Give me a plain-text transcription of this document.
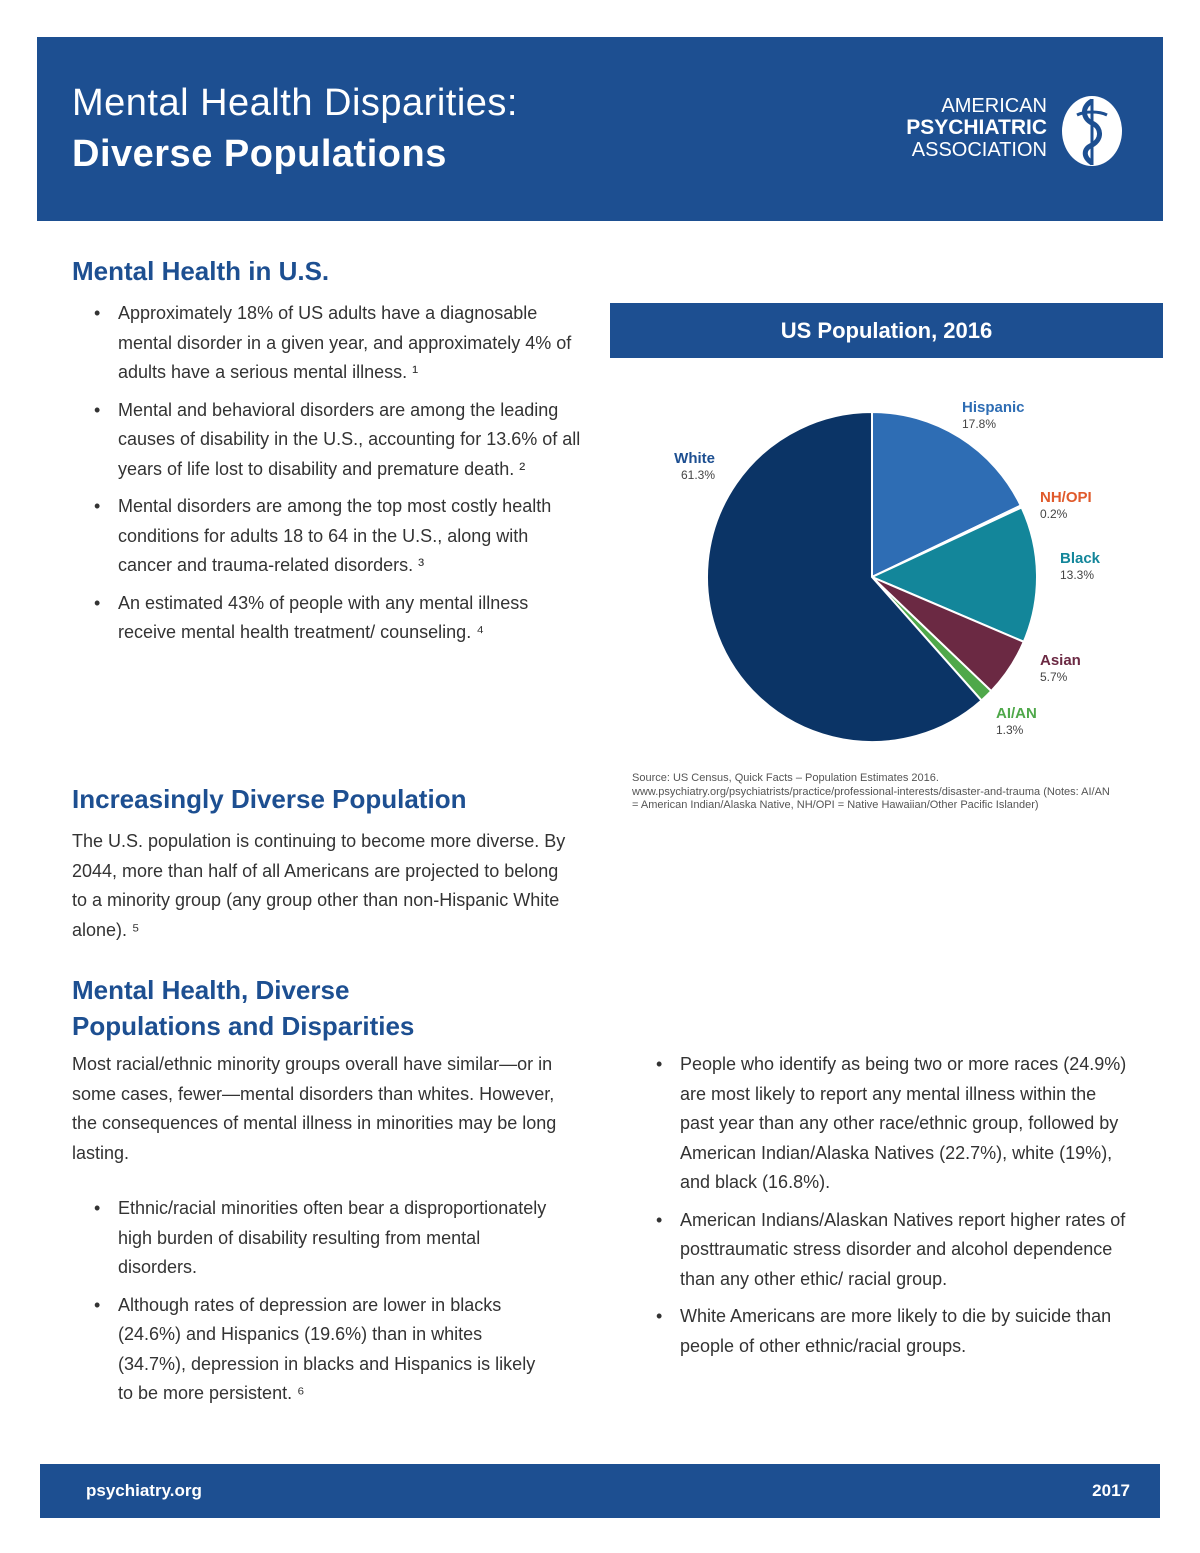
Mental Health Disparities:
Diverse Populations
AMERICAN
PSYCHIATRIC
ASSOCIATION
Mental Health in U.S.
• Approximately 18% of US adults have a diagnosable mental disorder in a given year, and approximately 4% of adults have a serious mental illness. ¹
• Mental and behavioral disorders are among the leading causes of disability in the U.S., accounting for 13.6% of all years of life lost to disability and premature death. ²
• Mental disorders are among the top most costly health conditions for adults 18 to 64 in the U.S., along with cancer and trauma-related disorders. ³
• An estimated 43% of people with any mental illness receive mental health treatment/ counseling. ⁴
Increasingly Diverse Population

The U.S. population is continuing to become more diverse. By 2044, more than half of all Americans are projected to belong to a minority group (any group other than non-Hispanic White alone). ⁵

Mental Health, Diverse
Populations and Disparities

Most racial/ethnic minority groups overall have similar—or in some cases, fewer—mental disorders than whites. However, the consequences of mental illness in minorities may be long lasting.

• Ethnic/racial minorities often bear a disproportionately high burden of disability resulting from mental disorders.
• Although rates of depression are lower in blacks (24.6%) and Hispanics (19.6%) than in whites (34.7%), depression in blacks and Hispanics is likely to be more persistent. ⁶
• People who identify as being two or more races (24.9%) are most likely to report any mental illness within the past year than any other race/ethnic group, followed by American Indian/Alaska Natives (22.7%), white (19%), and black (16.8%).
• American Indians/Alaskan Natives report higher rates of posttraumatic stress disorder and alcohol dependence than any other ethic/ racial group.
• White Americans are more likely to die by suicide than people of other ethnic/racial groups.
US Population, 2016
Hispanic
17.8%
NH/OPI
0.2%
Black
13.3%
Asian
5.7%
AI/AN
1.3%
White
61.3%
Source: US Census, Quick Facts – Population Estimates 2016. www.psychiatry.org/psychiatrists/practice/professional-interests/disaster-and-trauma (Notes: AI/AN = American Indian/Alaska Native, NH/OPI = Native Hawaiian/Other Pacific Islander)
psychiatry.org	2017
